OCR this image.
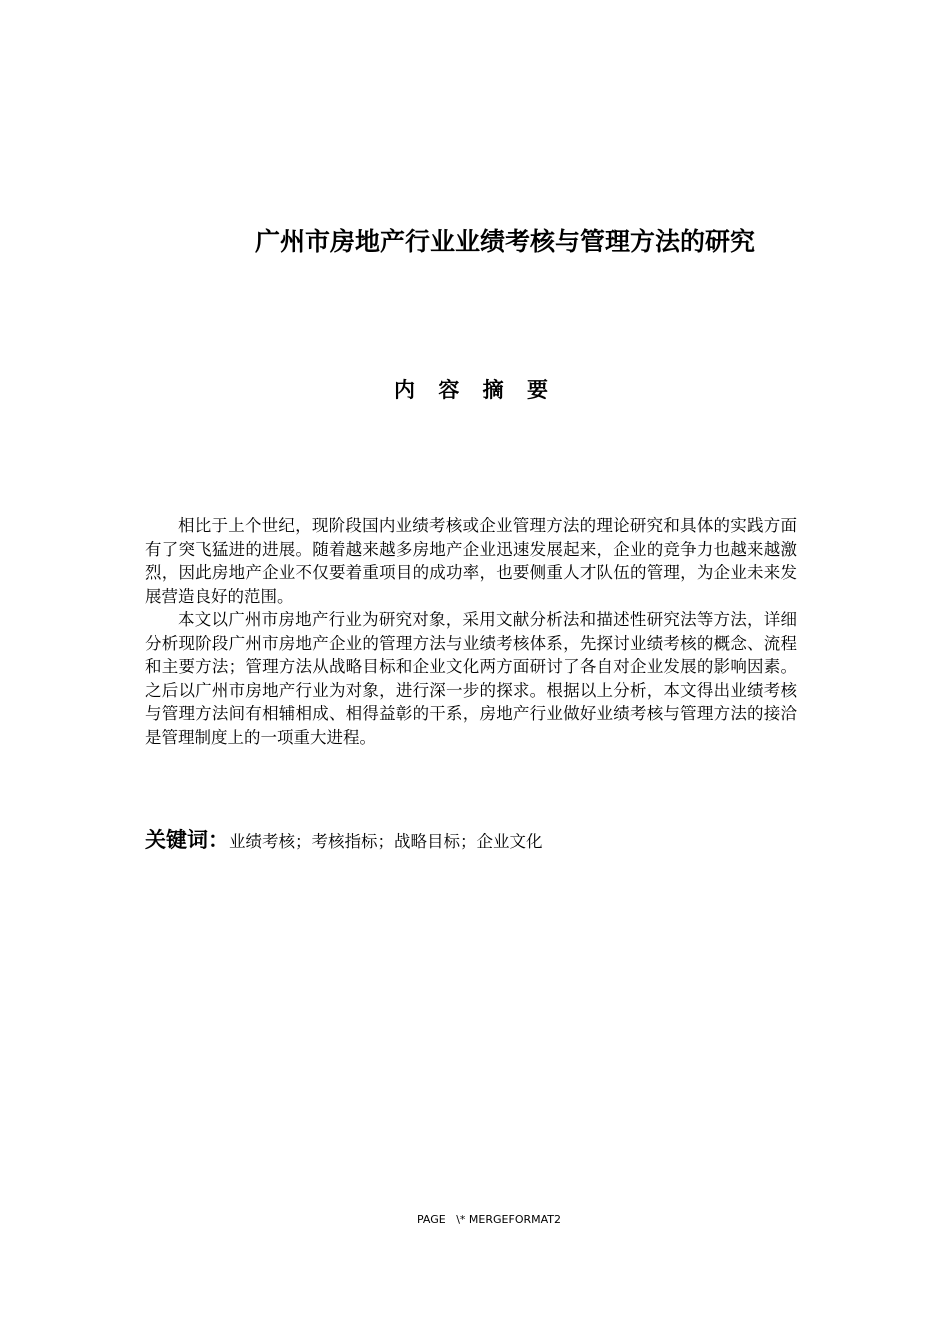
广州市房地产行业业绩考核与管理方法的研究
内 容 摘 要

相比于上个世纪，现阶段国内业绩考核或企业管理方法的理论研究和具体的实践方面有了突飞猛进的进展。随着越来越多房地产企业迅速发展起来，企业的竞争力也越来越激烈，因此房地产企业不仅要着重项目的成功率，也要侧重人才队伍的管理，为企业未来发展营造良好的范围。

本文以广州市房地产行业为研究对象，采用文献分析法和描述性研究法等方法，详细分析现阶段广州市房地产企业的管理方法与业绩考核体系，先探讨业绩考核的概念、流程和主要方法；管理方法从战略目标和企业文化两方面研讨了各自对企业发展的影响因素。之后以广州市房地产行业为对象，进行深一步的探求。根据以上分析，本文得出业绩考核与管理方法间有相辅相成、相得益彰的干系，房地产行业做好业绩考核与管理方法的接洽是管理制度上的一项重大进程。

关键词：业绩考核；考核指标；战略目标；企业文化
PAGE   \* MERGEFORMAT2
